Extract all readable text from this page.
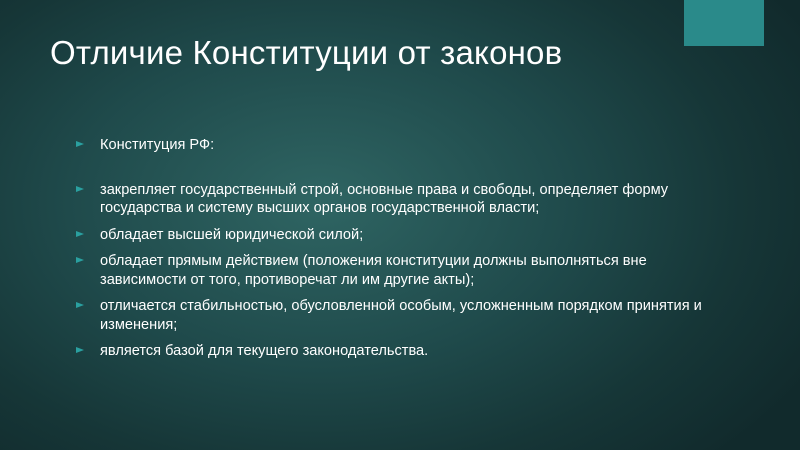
Отличие Конституции от законов
Конституция РФ:
закрепляет государственный строй, основные права и свободы, определяет форму государства и систему высших органов государственной власти;
обладает высшей юридической силой;
обладает прямым действием (положения конституции должны выполняться вне зависимости от того, противоречат ли им другие акты);
отличается стабильностью, обусловленной особым, усложненным порядком принятия и изменения;
является базой для текущего законодательства.
